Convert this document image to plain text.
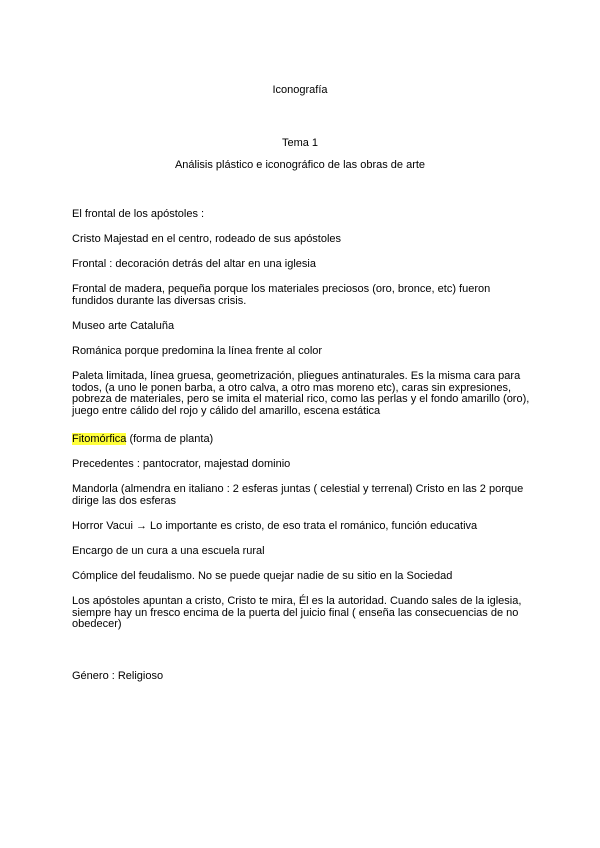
Iconografía
Tema 1
Análisis plástico e iconográfico de las obras de arte
El frontal de los apóstoles :
Cristo Majestad en el centro, rodeado de sus apóstoles
Frontal : decoración detrás del altar en una iglesia
Frontal de madera, pequeña porque los materiales preciosos (oro, bronce, etc) fueron fundidos durante las diversas crisis.
Museo arte Cataluña
Románica porque predomina la línea frente al color
Paleta limitada, línea gruesa, geometrización, pliegues antinaturales. Es la misma cara para todos, (a uno le ponen barba, a otro calva, a otro mas moreno etc), caras sin expresiones, pobreza de materiales, pero se imita el material rico, como las perlas y el fondo amarillo (oro), juego entre cálido del rojo y cálido del amarillo, escena estática
Fitomórfica (forma de planta)
Precedentes : pantocrator, majestad dominio
Mandorla (almendra en italiano : 2 esferas juntas ( celestial y terrenal) Cristo en las 2 porque dirige las dos esferas
Horror Vacui → Lo importante es cristo, de eso trata el románico, función educativa
Encargo de un cura a una escuela rural
Cómplice del feudalismo. No se puede quejar nadie de su sitio en la Sociedad
Los apóstoles apuntan a cristo, Cristo te mira, Él es la autoridad. Cuando sales de la iglesia, siempre hay un fresco encima de la puerta del juicio final ( enseña las consecuencias de no obedecer)
Género : Religioso
